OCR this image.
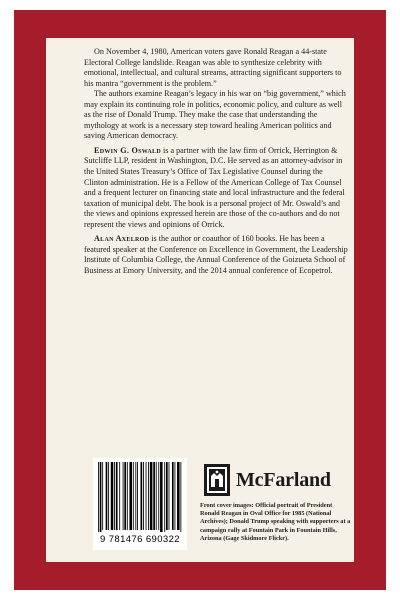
On November 4, 1980, American voters gave Ronald Reagan a 44-state Electoral College landslide. Reagan was able to synthesize celebrity with emotional, intellectual, and cultural streams, attracting significant supporters to his mantra “government is the problem.”

The authors examine Reagan’s legacy in his war on “big government,” which may explain its continuing role in politics, economic policy, and culture as well as the rise of Donald Trump. They make the case that understanding the mythology at work is a necessary step toward healing American politics and saving American democracy.

Edwin G. Oswald is a partner with the law firm of Orrick, Herrington & Sutcliffe LLP, resident in Washington, D.C. He served as an attorney-advisor in the United States Treasury’s Office of Tax Legislative Counsel during the Clinton administration. He is a Fellow of the American College of Tax Counsel and a frequent lecturer on financing state and local infrastructure and the federal taxation of municipal debt. The book is a personal project of Mr. Oswald’s and the views and opinions expressed herein are those of the co-authors and do not represent the views and opinions of Orrick.

Alan Axelrod is the author or coauthor of 160 books. He has been a featured speaker at the Conference on Excellence in Government, the Leadership Institute of Columbia College, the Annual Conference of the Goizueta School of Business at Emory University, and the 2014 annual conference of Ecopetrol.

9 781476 690322
McFarland
Front cover images: Official portrait of President Ronald Reagan in Oval Office for 1985 (National Archives); Donald Trump speaking with supporters at a campaign rally at Fountain Park in Fountain Hills, Arizona (Gage Skidmore Flickr).
